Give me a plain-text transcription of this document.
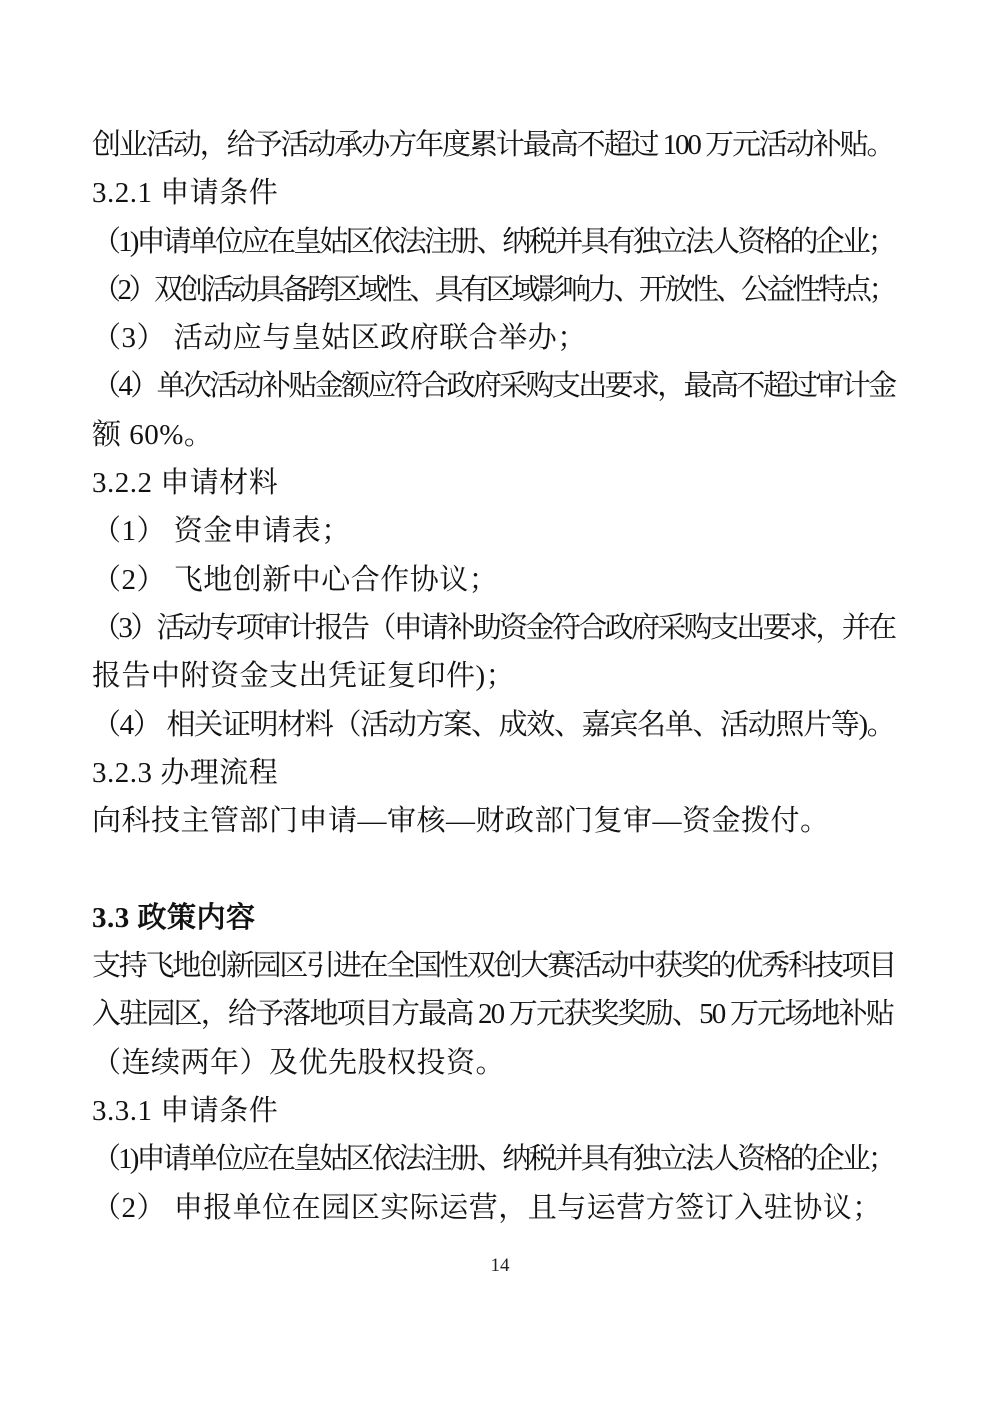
创业活动，给予活动承办方年度累计最高不超过 100 万元活动补贴。
3.2.1 申请条件
（1)申请单位应在皇姑区依法注册、纳税并具有独立法人资格的企业；
（2）双创活动具备跨区域性、具有区域影响力、开放性、公益性特点；
（3） 活动应与皇姑区政府联合举办；
（4）单次活动补贴金额应符合政府采购支出要求，最高不超过审计金
额 60%。
3.2.2 申请材料
（1） 资金申请表；
（2） 飞地创新中心合作协议；
（3）活动专项审计报告（申请补助资金符合政府采购支出要求，并在
报告中附资金支出凭证复印件)；
（4） 相关证明材料（活动方案、成效、嘉宾名单、活动照片等)。
3.2.3 办理流程
向科技主管部门申请—审核—财政部门复审—资金拨付。
3.3 政策内容
支持飞地创新园区引进在全国性双创大赛活动中获奖的优秀科技项目
入驻园区，给予落地项目方最高 20 万元获奖奖励、50 万元场地补贴
（连续两年）及优先股权投资。
3.3.1 申请条件
（1)申请单位应在皇姑区依法注册、纳税并具有独立法人资格的企业；
（2） 申报单位在园区实际运营，且与运营方签订入驻协议；
14
